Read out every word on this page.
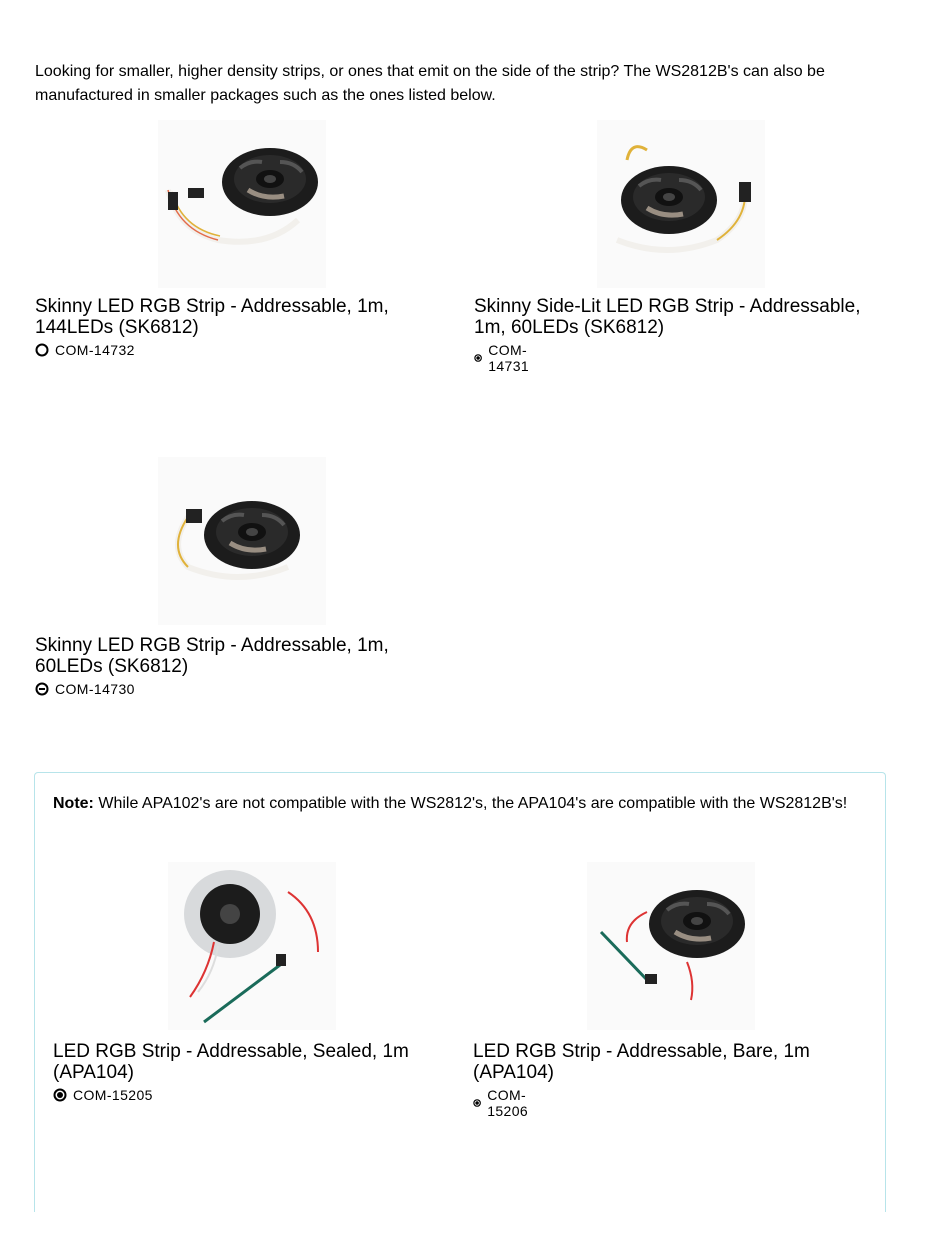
Looking for smaller, higher density strips, or ones that emit on the side of the strip? The WS2812B's can also be manufactured in smaller packages such as the ones listed below.

Skinny LED RGB Strip - Addressable, 1m, 144LEDs (SK6812)
COM-14732
Skinny Side-Lit LED RGB Strip - Addressable, 1m, 60LEDs (SK6812)
COM-14731
Skinny LED RGB Strip - Addressable, 1m, 60LEDs (SK6812)
COM-14730

Note: While APA102's are not compatible with the WS2812's, the APA104's are compatible with the WS2812B's!

LED RGB Strip - Addressable, Sealed, 1m (APA104)
COM-15205
LED RGB Strip - Addressable, Bare, 1m (APA104)
COM-15206
